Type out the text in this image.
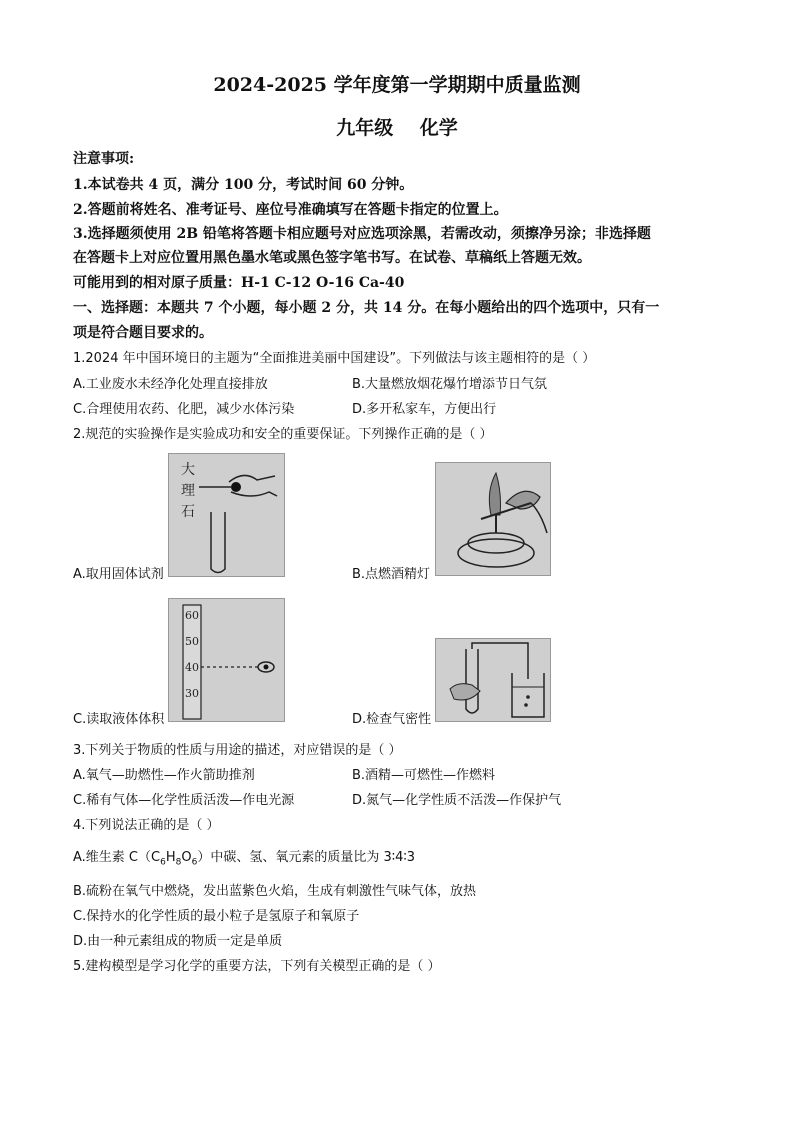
2024-2025 学年度第一学期期中质量监测
九年级 化学
注意事项:
1.本试卷共 4 页，满分 100 分，考试时间 60 分钟。
2.答题前将姓名、准考证号、座位号准确填写在答题卡指定的位置上。
3.选择题须使用 2B 铅笔将答题卡相应题号对应选项涂黑，若需改动，须擦净另涂；非选择题
在答题卡上对应位置用黑色墨水笔或黑色签字笔书写。在试卷、草稿纸上答题无效。
可能用到的相对原子质量：H-1 C-12 O-16 Ca-40
一、选择题：本题共 7 个小题，每小题 2 分，共 14 分。在每小题给出的四个选项中，只有一
项是符合题目要求的。
1.2024 年中国环境日的主题为“全面推进美丽中国建设”。下列做法与该主题相符的是（ ）
A.工业废水未经净化处理直接排放	B.大量燃放烟花爆竹增添节日气氛
C.合理使用农药、化肥，减少水体污染	D.多开私家车，方便出行
2.规范的实验操作是实验成功和安全的重要保证。下列操作正确的是（ ）
大
理
石
A.取用固体试剂	B.点燃酒精灯
60
50
40
30
C.读取液体体积	D.检查气密性
3.下列关于物质的性质与用途的描述，对应错误的是（ ）
A.氧气—助燃性—作火箭助推剂	B.酒精—可燃性—作燃料
C.稀有气体—化学性质活泼—作电光源	D.氮气—化学性质不活泼—作保护气
4.下列说法正确的是（ ）
A.维生素 $C(C_6H_8O_6)$中碳、氢、氧元素的质量比为 3∶4∶3
B.硫粉在氧气中燃烧，发出蓝紫色火焰，生成有刺激性气味气体，放热
C.保持水的化学性质的最小粒子是氢原子和氧原子
D.由一种元素组成的物质一定是单质
5.建构模型是学习化学的重要方法，下列有关模型正确的是（ ）
